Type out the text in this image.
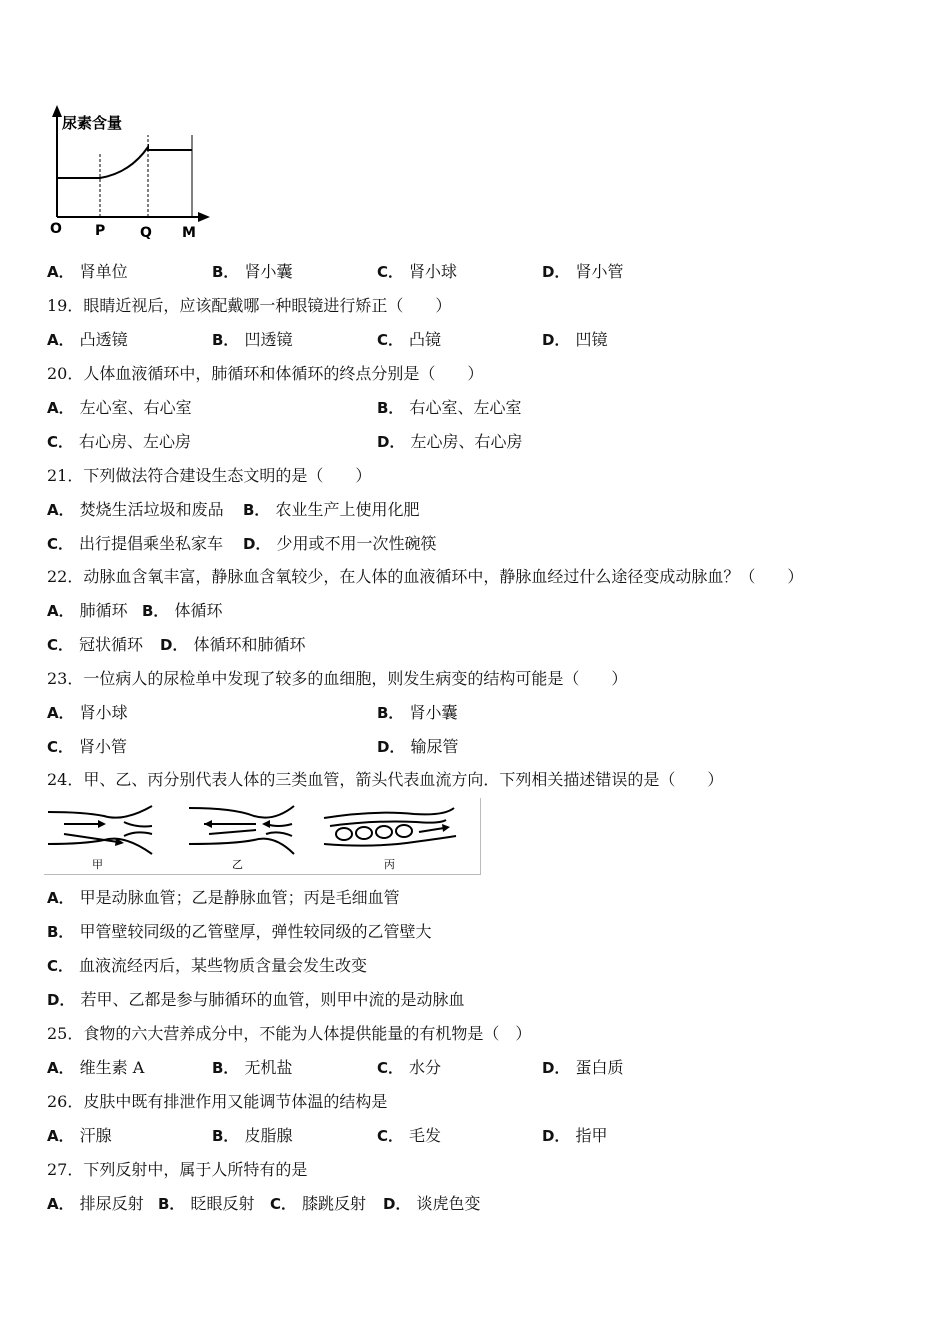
尿素含量
O P Q M
A． 肾单位	B． 肾小囊	C． 肾小球	D． 肾小管
19．眼睛近视后，应该配戴哪一种眼镜进行矫正（　　）
A． 凸透镜	B． 凹透镜	C． 凸镜	D． 凹镜
20．人体血液循环中，肺循环和体循环的终点分别是（　　）
A． 左心室、右心室	B． 右心室、左心室
C． 右心房、左心房	D． 左心房、右心房
21．下列做法符合建设生态文明的是（　　）
A． 焚烧生活垃圾和废品 B． 农业生产上使用化肥
C． 出行提倡乘坐私家车 D． 少用或不用一次性碗筷
22．动脉血含氧丰富，静脉血含氧较少，在人体的血液循环中，静脉血经过什么途径变成动脉血？（　　）
A． 肺循环 B． 体循环
C． 冠状循环 D． 体循环和肺循环
23．一位病人的尿检单中发现了较多的血细胞，则发生病变的结构可能是（　　）
A． 肾小球	B． 肾小囊
C． 肾小管	D． 输尿管
24．甲、乙、丙分别代表人体的三类血管，箭头代表血流方向．下列相关描述错误的是（　　）
甲	乙	丙
A． 甲是动脉血管；乙是静脉血管；丙是毛细血管
B． 甲管壁较同级的乙管壁厚，弹性较同级的乙管壁大
C． 血液流经丙后，某些物质含量会发生改变
D． 若甲、乙都是参与肺循环的血管，则甲中流的是动脉血
25．食物的六大营养成分中，不能为人体提供能量的有机物是（　）
A． 维生素 A	B． 无机盐	C． 水分	D． 蛋白质
26．皮肤中既有排泄作用又能调节体温的结构是
A． 汗腺	B． 皮脂腺	C． 毛发	D． 指甲
27．下列反射中，属于人所特有的是
A． 排尿反射 B． 眨眼反射 C． 膝跳反射 D． 谈虎色变
